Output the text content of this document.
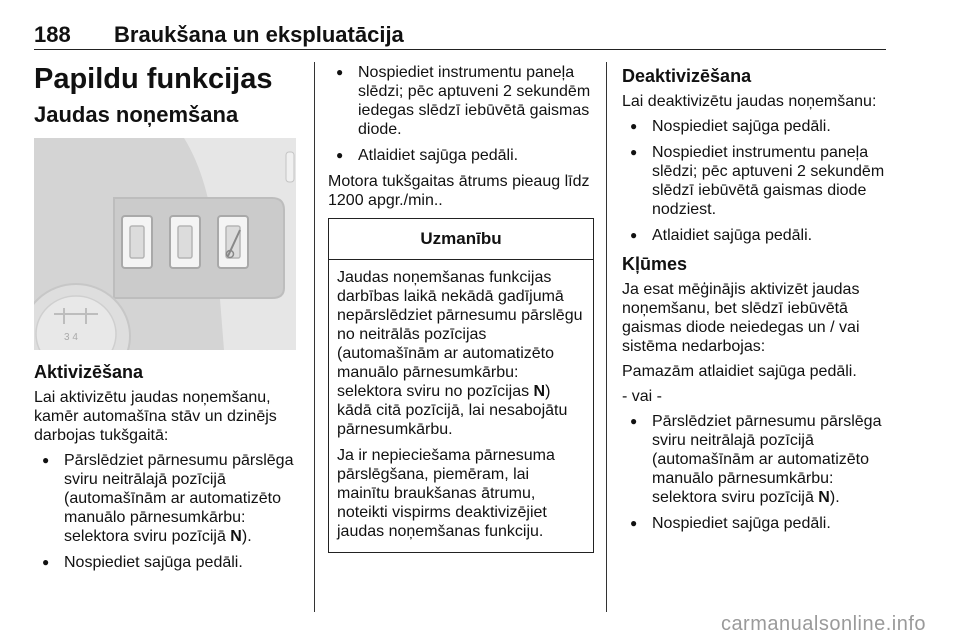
188 Braukšana un ekspluatācija
Papildu funkcijas
Jaudas noņemšana
3 4
Aktivizēšana

Lai aktivizētu jaudas noņemšanu, kamēr automašīna stāv un dzinējs darbojas tukšgaitā:

● Pārslēdziet pārnesumu pārslēga sviru neitrālajā pozīcijā (automašīnām ar automatizēto manuālo pārnesumkārbu: selektora sviru pozīcijā N).
● Nospiediet sajūga pedāli.
● Nospiediet instrumentu paneļa slēdzi; pēc aptuveni 2 sekundēm iedegas slēdzī iebūvētā gaismas diode.
● Atlaidiet sajūga pedāli.

Motora tukšgaitas ātrums pieaug līdz 1200 apgr./min..

Uzmanību

Jaudas noņemšanas funkcijas darbības laikā nekādā gadījumā nepārslēdziet pārnesumu pārslēgu no neitrālās pozīcijas (automašīnām ar automatizēto manuālo pārnesumkārbu: selektora sviru no pozīcijas N) kādā citā pozīcijā, lai nesabojātu pārnesumkārbu.

Ja ir nepieciešama pārnesuma pārslēgšana, piemēram, lai mainītu braukšanas ātrumu, noteikti vispirms deaktivizējiet jaudas noņemšanas funkciju.

Deaktivizēšana

Lai deaktivizētu jaudas noņemšanu:

● Nospiediet sajūga pedāli.
● Nospiediet instrumentu paneļa slēdzi; pēc aptuveni 2 sekundēm slēdzī iebūvētā gaismas diode nodziest.
● Atlaidiet sajūga pedāli.
Kļūmes

Ja esat mēģinājis aktivizēt jaudas noņemšanu, bet slēdzī iebūvētā gaismas diode neiedegas un / vai sistēma nedarbojas:

Pamazām atlaidiet sajūga pedāli.

- vai -

● Pārslēdziet pārnesumu pārslēga sviru neitrālajā pozīcijā (automašīnām ar automatizēto manuālo pārnesumkārbu: selektora sviru pozīcijā N).
● Nospiediet sajūga pedāli.
carmanualsonline.info
